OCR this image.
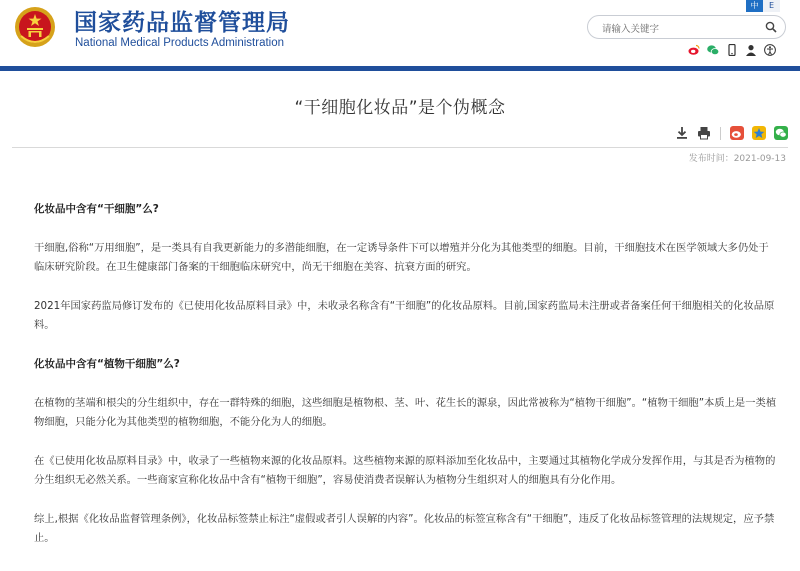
国家药品监督管理局
National Medical Products Administration
中	E
请输入关键字
“干细胞化妆品”是个伪概念
发布时间：2021-09-13
化妆品中含有“干细胞”么?

干细胞,俗称“万用细胞”，是一类具有自我更新能力的多潜能细胞，在一定诱导条件下可以增殖并分化为其他类型的细胞。目前，干细胞技术在医学领域大多仍处于临床研究阶段。在卫生健康部门备案的干细胞临床研究中，尚无干细胞在美容、抗衰方面的研究。

2021年国家药监局修订发布的《已使用化妆品原料目录》中，未收录名称含有“干细胞”的化妆品原料。目前,国家药监局未注册或者备案任何干细胞相关的化妆品原料。

化妆品中含有“植物干细胞”么?

在植物的茎端和根尖的分生组织中，存在一群特殊的细胞，这些细胞是植物根、茎、叶、花生长的源泉，因此常被称为“植物干细胞”。“植物干细胞”本质上是一类植物细胞，只能分化为其他类型的植物细胞，不能分化为人的细胞。

在《已使用化妆品原料目录》中，收录了一些植物来源的化妆品原料。这些植物来源的原料添加至化妆品中，主要通过其植物化学成分发挥作用，与其是否为植物的分生组织无必然关系。一些商家宣称化妆品中含有“植物干细胞”，容易使消费者误解认为植物分生组织对人的细胞具有分化作用。

综上,根据《化妆品监督管理条例》，化妆品标签禁止标注“虚假或者引人误解的内容”。化妆品的标签宣称含有“干细胞”，违反了化妆品标签管理的法规规定，应予禁止。
